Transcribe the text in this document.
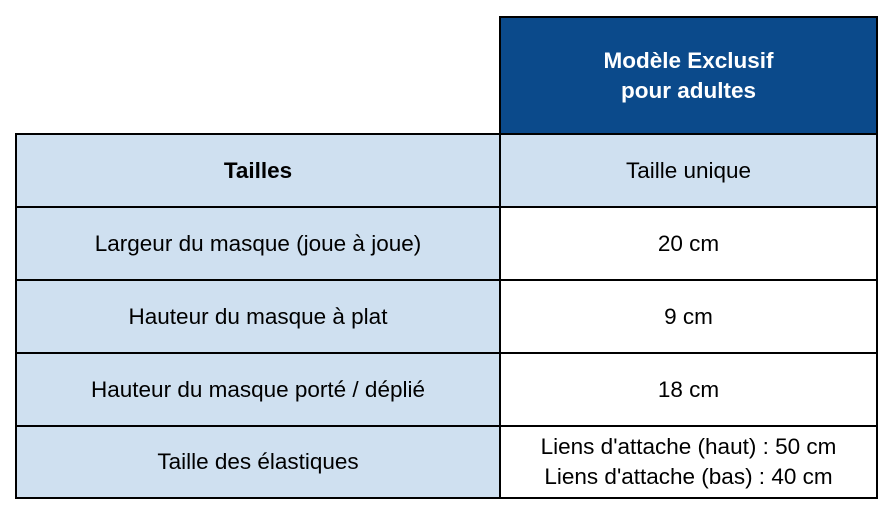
	Modèle Exclusif
pour adultes

Tailles	Taille unique
Largeur du masque (joue à joue)	20 cm
Hauteur du masque à plat	9 cm
Hauteur du masque porté / déplié	18 cm
Taille des élastiques	Liens d'attache (haut) : 50 cm
Liens d'attache (bas) : 40 cm
